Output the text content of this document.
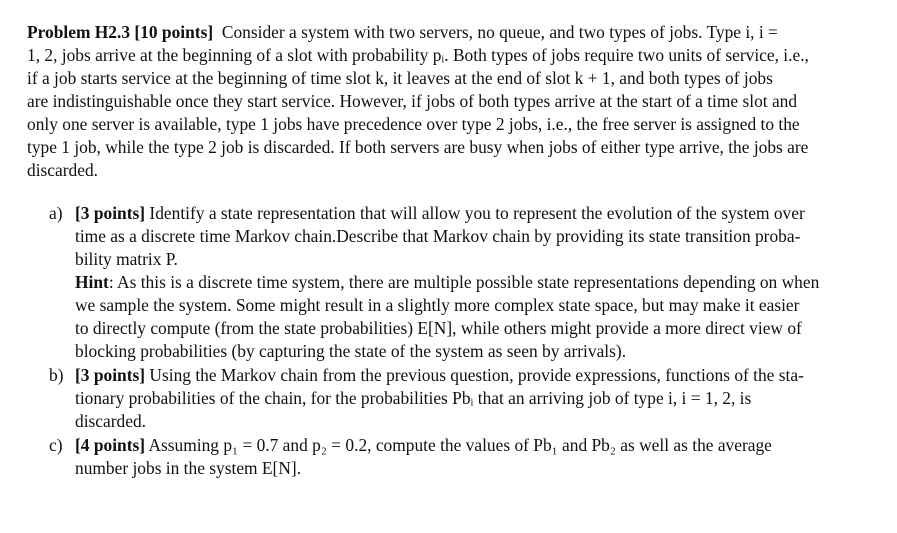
Problem H2.3 [10 points] Consider a system with two servers, no queue, and two types of jobs. Type i, i =
1, 2, jobs arrive at the beginning of a slot with probability pᵢ. Both types of jobs require two units of service, i.e.,
if a job starts service at the beginning of time slot k, it leaves at the end of slot k + 1, and both types of jobs
are indistinguishable once they start service. However, if jobs of both types arrive at the start of a time slot and
only one server is available, type 1 jobs have precedence over type 2 jobs, i.e., the free server is assigned to the
type 1 job, while the type 2 job is discarded. If both servers are busy when jobs of either type arrive, the jobs are
discarded.
a) [3 points] Identify a state representation that will allow you to represent the evolution of the system over
time as a discrete time Markov chain.Describe that Markov chain by providing its state transition proba-
bility matrix P.
Hint: As this is a discrete time system, there are multiple possible state representations depending on when
we sample the system. Some might result in a slightly more complex state space, but may make it easier
to directly compute (from the state probabilities) E[N], while others might provide a more direct view of
blocking probabilities (by capturing the state of the system as seen by arrivals).
b) [3 points] Using the Markov chain from the previous question, provide expressions, functions of the sta-
tionary probabilities of the chain, for the probabilities Pbᵢ that an arriving job of type i, i = 1, 2, is
discarded.
c) [4 points] Assuming p₁ = 0.7 and p₂ = 0.2, compute the values of Pb₁ and Pb₂ as well as the average
number jobs in the system E[N].
